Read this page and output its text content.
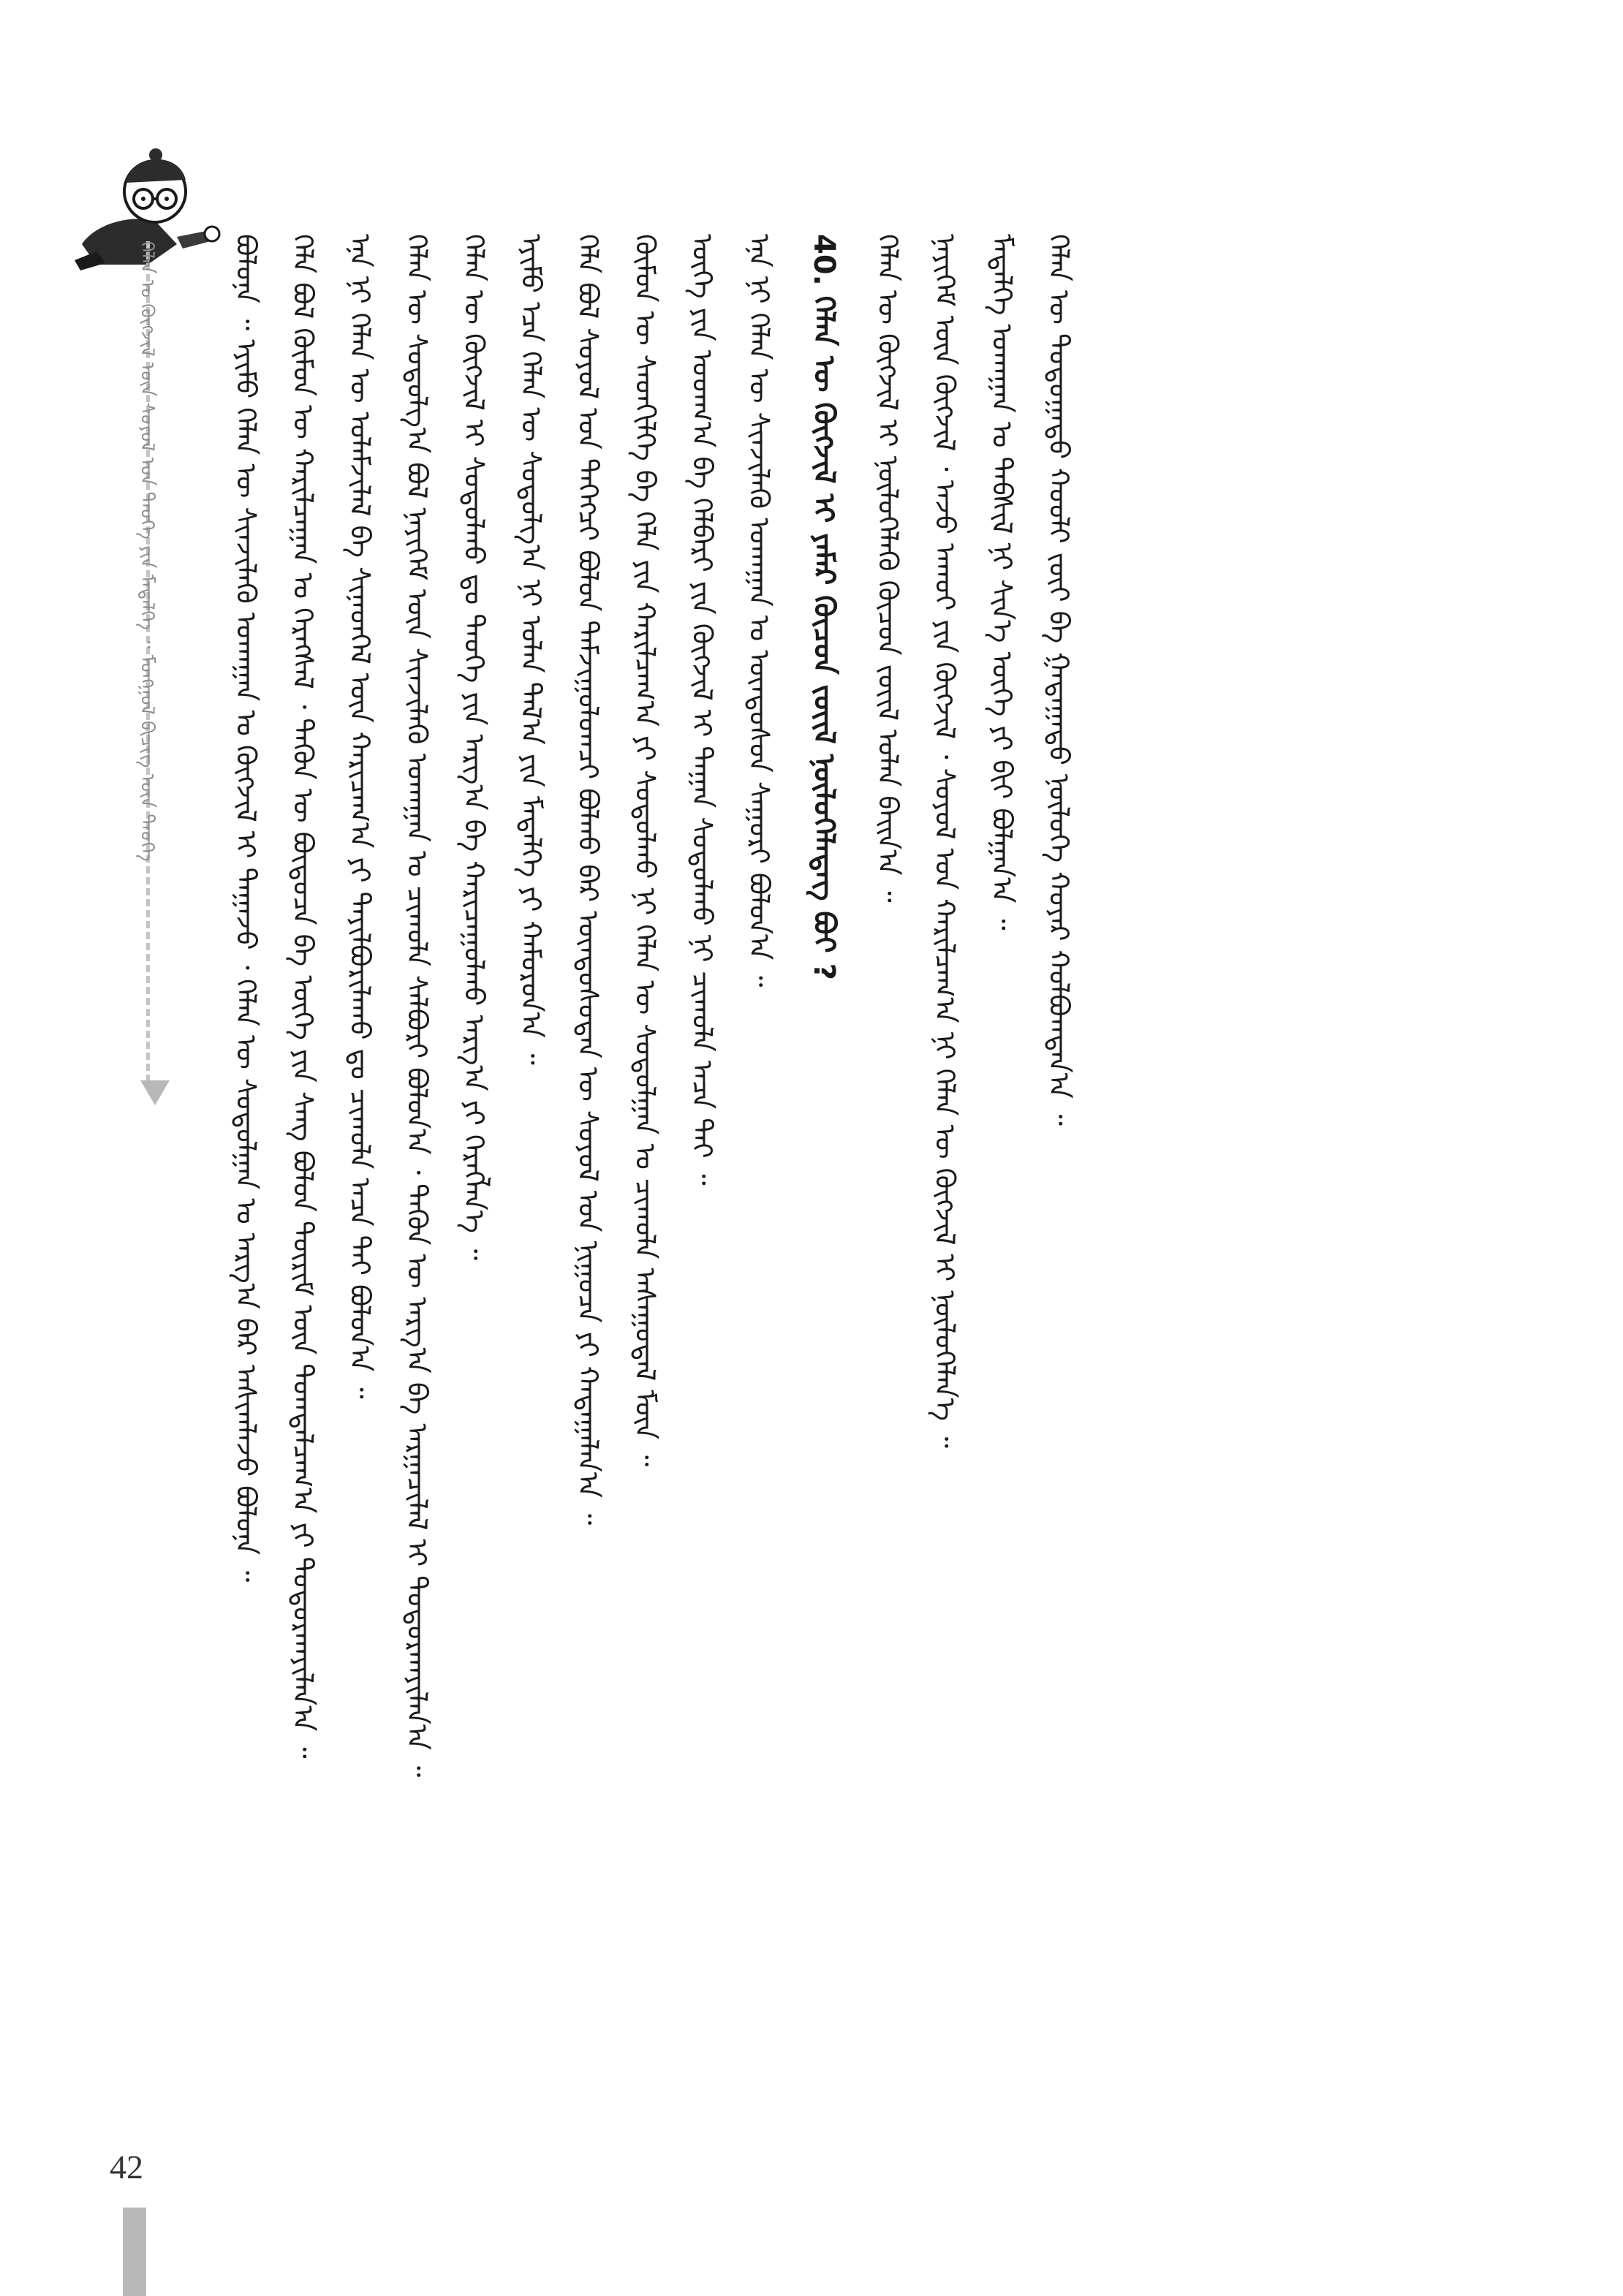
ᠬᠡᠯᠡᠨ ᠤ ᠬᠥᠭᠵᠢᠯ ᠦᠨ ᠰᠣᠶᠣᠯ ᠤᠨ ᠲᠡᠦᠬᠡ ᠶᠢᠨ ᠮᠡᠳᠡᠯᠭᠡ ᠃ ᠮᠣᠩᠭᠣᠯ ᠪᠢᠴᠢᠭ ᠦᠨ ᠲᠡᠦᠬᠡ	ᠪᠣᠯᠤᠨᠠ ᠃ ᠡᠶᠢᠮᠦ ᠬᠡᠯᠡᠨ ᠦ ᠰᠢᠨᠵᠢᠯᠡᠬᠦ ᠤᠬᠠᠭᠠᠨ ᠤ ᠬᠥᠭᠵᠢᠯ ᠢ ᠳᠠᠭᠠᠵᠤ ᠂ ᠬᠡᠯᠡᠨ ᠦ ᠰᠤᠳᠤᠯᠭᠠᠨ ᠤ ᠠᠷᠭ᠎ᠠ ᠪᠠᠷ ᠠᠰᠢᠭᠯᠠᠵᠤ ᠪᠣᠯᠤᠨᠠ ᠃ ᠬᠡᠯᠡ ᠪᠣᠯ ᠬᠦᠮᠦᠨ ᠦ ᠬᠠᠷᠢᠯᠴᠠᠭᠠᠨ ᠤ ᠬᠡᠷᠡᠭᠰᠡᠯ ᠂ ᠲᠡᠭᠦᠨ ᠦ ᠪᠦᠲᠦᠴᠡ ᠪᠠ ᠦᠭᠡ ᠶᠢᠨ ᠰᠠᠩ ᠪᠣᠯᠤᠨ ᠳᠦᠷᠢᠮ ᠦᠨ ᠲᠣᠭᠲᠠᠯᠴᠠᠭ᠎ᠠ ᠶᠢ ᠲᠣᠳᠤᠷᠬᠠᠶᠢᠯᠠᠨ᠎ᠠ ᠃ ᠡᠨᠡ ᠨᠢ ᠬᠡᠯᠡᠨ ᠦ ᠤᠯᠠᠮᠵᠢᠯᠠᠯ ᠪᠠ ᠰᠢᠨᠡᠳᠬᠡᠯ ᠦᠨ ᠬᠠᠷᠢᠴᠠᠭ᠎ᠠ ᠶᠢ ᠲᠠᠶᠢᠯᠪᠤᠷᠢᠯᠠᠬᠤ ᠳᠤ ᠴᠢᠬᠤᠯᠠ ᠠᠴᠠ ᠲᠠᠢ ᠪᠣᠯᠤᠨ᠎ᠠ ᠃ ᠬᠡᠯᠡᠨ ᠦ ᠰᠤᠳᠤᠯᠭ᠎ᠠ ᠪᠣᠯ ᠨᠡᠶᠢᠭᠡᠮ ᠦᠨ ᠰᠢᠨᠵᠢᠯᠡᠬᠦ ᠤᠬᠠᠭᠠᠨ ᠤ ᠴᠢᠬᠤᠯᠠ ᠰᠠᠯᠪᠤᠷᠢ ᠪᠣᠯᠤᠨ᠎ᠠ ᠂ ᠲᠡᠭᠦᠨ ᠦ ᠠᠷᠭ᠎ᠠ ᠪᠠ ᠠᠷᠭᠠᠴᠢᠯᠠᠯ ᠢ ᠲᠣᠳᠤᠷᠬᠠᠶᠢᠯᠠᠨ᠎ᠠ ᠃ ᠬᠡᠯᠡᠨ ᠦ ᠬᠥᠭᠵᠢᠯ ᠢ ᠰᠤᠳᠤᠯᠬᠤ ᠳᠤ ᠲᠡᠦᠬᠡ ᠶᠢᠨ ᠠᠷᠭ᠎ᠠ ᠪᠠ ᠬᠠᠷᠢᠴᠠᠭᠤᠯᠬᠤ ᠠᠷᠭ᠎ᠠ ᠶᠢ ᠬᠡᠷᠡᠭᠯᠡᠨ᠎ᠡ ᠃ ᠡᠶᠢᠮᠦ ᠡᠴᠡ ᠬᠡᠯᠡᠨ ᠦ ᠰᠤᠳᠤᠯᠭ᠎ᠠ ᠨᠢ ᠣᠯᠠᠨ ᠲᠠᠯ᠎ᠠ ᠶᠢᠨ ᠮᠡᠳᠡᠯᠭᠡ ᠶᠢ ᠬᠠᠮᠤᠷᠤᠨ᠎ᠠ ᠃ ᠬᠡᠯᠡ ᠪᠣᠯ ᠰᠣᠶᠣᠯ ᠤᠨ ᠲᠡᠭᠡᠭᠴᠢ ᠪᠣᠯᠤᠨ ᠳᠠᠮᠵᠢᠭᠤᠯᠤᠭᠴᠢ ᠪᠣᠯᠬᠤ ᠪᠠᠷ ᠦᠨᠳᠦᠰᠦᠲᠡᠨ ᠦ ᠰᠣᠶᠣᠯ ᠤᠨ ᠨᠢᠭᠤᠴᠠ ᠶᠢ ᠬᠠᠳᠠᠭᠠᠯᠠᠨ᠎ᠠ ᠃ ᠬᠦᠮᠦᠨ ᠦ ᠰᠡᠳᠬᠢᠯᠭᠡ ᠪᠠ ᠬᠡᠯᠡ ᠶᠢᠨ ᠬᠠᠷᠢᠯᠴᠠᠭ᠎ᠠ ᠶᠢ ᠰᠤᠳᠤᠯᠬᠤ ᠨᠢ ᠬᠡᠯᠡᠨ ᠦ ᠰᠤᠳᠤᠯᠭᠠᠨ ᠤ ᠴᠢᠬᠤᠯᠠ ᠠᠰᠠᠭᠤᠳᠠᠯ ᠮᠦᠨ ᠃ ᠦᠭᠡ ᠶᠢᠨ ᠤᠳᠬ᠎ᠠ ᠪᠠ ᠬᠡᠯᠪᠡᠷᠢ ᠶᠢᠨ ᠬᠥᠭᠵᠢᠯ ᠢ ᠳᠠᠭᠠᠨ ᠰᠤᠳᠤᠯᠬᠤ ᠨᠢ ᠴᠢᠬᠤᠯᠠ ᠠᠴᠠ ᠲᠠᠢ ᠃ ᠡᠨᠡ ᠨᠢ ᠬᠡᠯᠡᠨ ᠦ ᠰᠢᠨᠵᠢᠯᠡᠬᠦ ᠤᠬᠠᠭᠠᠨ ᠤ ᠦᠨᠳᠦᠰᠦᠨ ᠰᠠᠭᠤᠷᠢ ᠪᠣᠯᠤᠨ᠎ᠠ ᠃ 40. ᠬᠡᠯᠡᠨ ᠦ ᠬᠥᠭᠵᠢᠯ ᠢ ᠶᠠᠮᠠᠷ ᠬᠦᠴᠦᠨ ᠵᠦᠢᠯ ᠨᠥᠯᠦᠭᠡᠯᠡᠳᠡᠭ ᠪᠤᠢ ? ᠬᠡᠯᠡᠨ ᠦ ᠬᠥᠭᠵᠢᠯ ᠢ ᠨᠥᠯᠦᠭᠡᠯᠡᠬᠦ ᠬᠦᠴᠦᠨ ᠵᠦᠢᠯ ᠣᠯᠠᠨ ᠪᠠᠢᠨ᠎ᠠ ᠃ ᠨᠡᠶᠢᠭᠡᠮ ᠦᠨ ᠬᠥᠭᠵᠢᠯ ᠂ ᠠᠵᠤ ᠠᠬᠤᠢ ᠶᠢᠨ ᠬᠥᠭᠵᠢᠯ ᠂ ᠰᠣᠶᠣᠯ ᠤᠨ ᠬᠠᠷᠢᠯᠴᠠᠭ᠎ᠠ ᠨᠢ ᠬᠡᠯᠡᠨ ᠦ ᠬᠥᠭᠵᠢᠯ ᠢ ᠨᠥᠯᠦᠭᠡᠯᠡᠨ᠎ᠡ ᠃ ᠮᠡᠳᠡᠯᠭᠡ ᠤᠬᠠᠭᠠᠨ ᠤ ᠳᠡᠪᠰᠢᠯ ᠨᠢ ᠰᠢᠨ᠎ᠡ ᠦᠭᠡ ᠶᠢ ᠪᠢᠢ ᠪᠣᠯᠭᠠᠨ᠎ᠠ ᠃ ᠬᠡᠯᠡᠨ ᠦ ᠳᠣᠲᠣᠭᠠᠳᠤ ᠬᠤᠤᠯᠢ ᠵᠦᠢ ᠪᠠ ᠭᠠᠳᠠᠭᠠᠳᠤ ᠨᠥᠯᠦᠭᠡ ᠬᠣᠶᠠᠷ ᠬᠣᠯᠪᠤᠭᠳᠠᠨ᠎ᠠ ᠃
42
